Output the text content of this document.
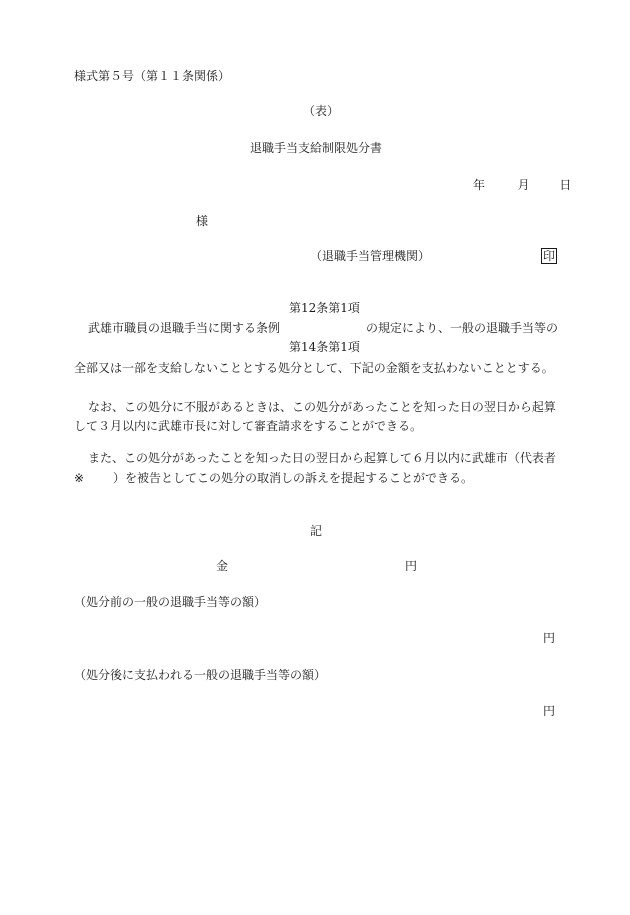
様式第５号（第１１条関係）
（表）
退職手当支給制限処分書
年	月 日
様
（退職手当管理機関）	印
第12条第1項
武雄市職員の退職手当に関する条例	の規定により、一般の退職手当等の
第14条第1項
全部又は一部を支給しないこととする処分として、下記の金額を支払わないこととする。
なお、この処分に不服があるときは、この処分があったことを知った日の翌日から起算
して３月以内に武雄市長に対して審査請求をすることができる。
また、この処分があったことを知った日の翌日から起算して６月以内に武雄市（代表者
※ ）を被告としてこの処分の取消しの訴えを提起することができる。
記
金	円
（処分前の一般の退職手当等の額）
円
（処分後に支払われる一般の退職手当等の額）
円
